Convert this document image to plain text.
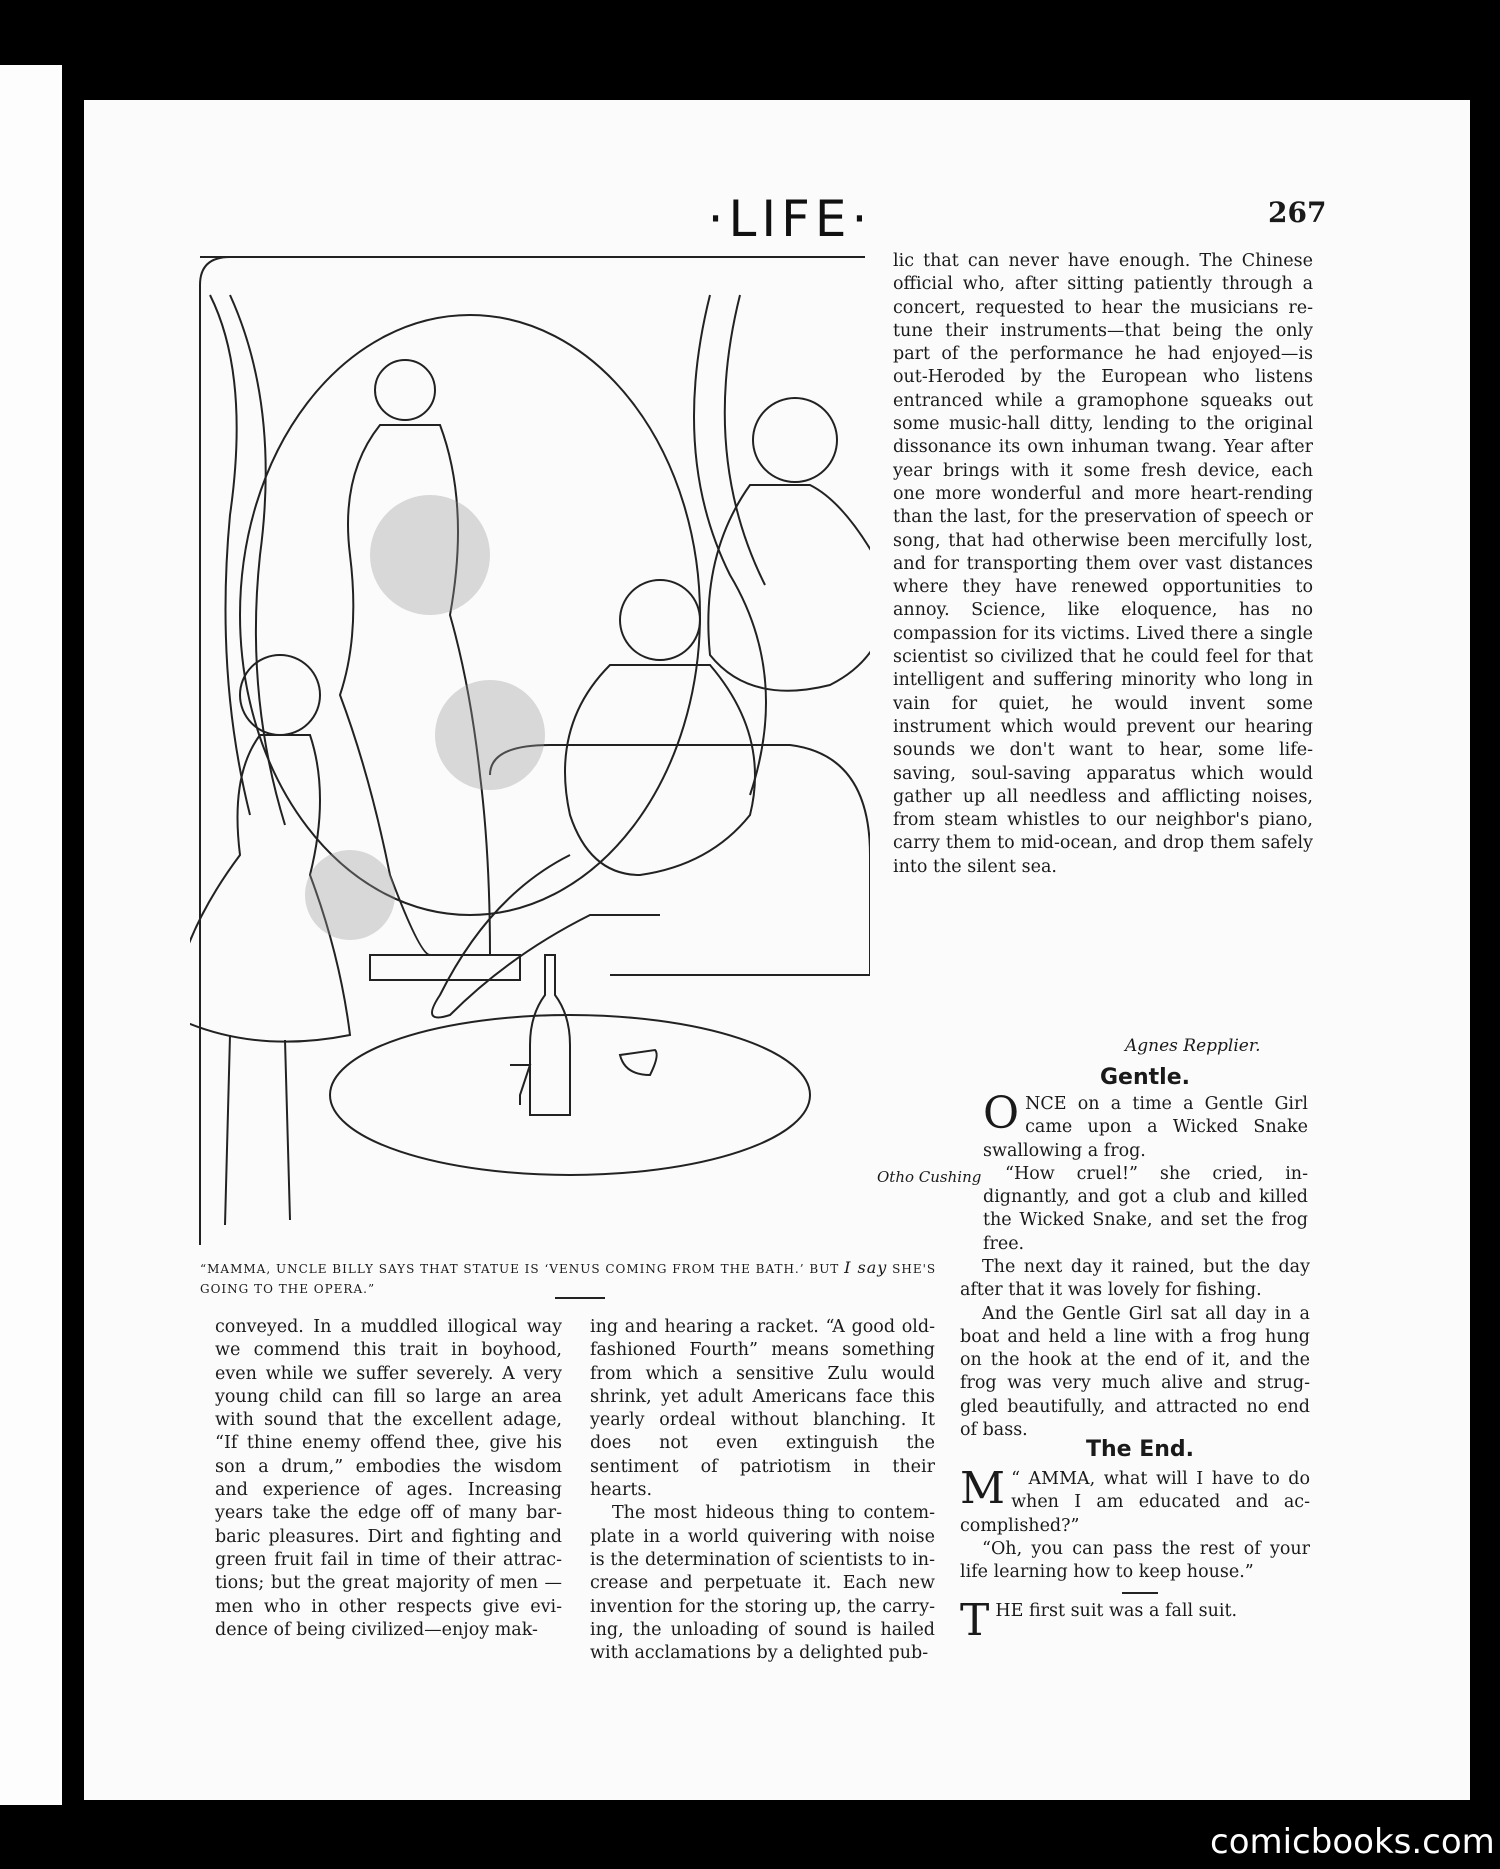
·LIFE·	267
Otho Cushing
“MAMMA, UNCLE BILLY SAYS THAT STATUE IS ‘VENUS COMING FROM THE BATH.’ BUT I say SHE'S GOING TO THE OPERA.”

lic that can never have enough. The Chinese official who, after sitting patiently through a concert, requested to hear the musicians retune their instruments—that being the only part of the performance he had enjoyed—is out-Heroded by the European who listens entranced while a gramophone squeaks out some music-hall ditty, lending to the original dissonance its own inhuman twang. Year after year brings with it some fresh device, each one more wonderful and more heart-rending than the last, for the preservation of speech or song, that had otherwise been mercifully lost, and for transporting them over vast distances where they have renewed opportunities to annoy. Science, like eloquence, has no compassion for its victims. Lived there a single scientist so civilized that he could feel for that intelligent and suffering minority who long in vain for quiet, he would invent some instrument which would prevent our hearing sounds we don't want to hear, some life-saving, soul-saving apparatus which would gather up all needless and afflicting noises, from steam whistles to our neighbor's piano, carry them to mid-ocean, and drop them safely into the silent sea.

Agnes Repplier.
Gentle.

ONCE on a time a Gentle Girl came upon a Wicked Snake swallowing a frog.

“How cruel!” she cried, indignantly, and got a club and killed the Wicked Snake, and set the frog free.

The next day it rained, but the day after that it was lovely for fishing.

And the Gentle Girl sat all day in a boat and held a line with a frog hung on the hook at the end of it, and the frog was very much alive and struggled beautifully, and attracted no end of bass.

The End.

“
M AMMA, what will I have to do when I am educated and accomplished?”

“Oh, you can pass the rest of your life learning how to keep house.”

THE first suit was a fall suit.

conveyed. In a muddled illogical way we commend this trait in boyhood, even while we suffer severely. A very young child can fill so large an area with sound that the excellent adage, “If thine enemy offend thee, give his son a drum,” embodies the wisdom and experience of ages. Increasing years take the edge off of many barbaric pleasures. Dirt and fighting and green fruit fail in time of their attractions; but the great majority of men —men who in other respects give evidence of being civilized—enjoy mak-

ing and hearing a racket. “A good old-fashioned Fourth” means something from which a sensitive Zulu would shrink, yet adult Americans face this yearly ordeal without blanching. It does not even extinguish the sentiment of patriotism in their hearts.

The most hideous thing to contemplate in a world quivering with noise is the determination of scientists to increase and perpetuate it. Each new invention for the storing up, the carrying, the unloading of sound is hailed with acclamations by a delighted pub-

comicbooks.com
